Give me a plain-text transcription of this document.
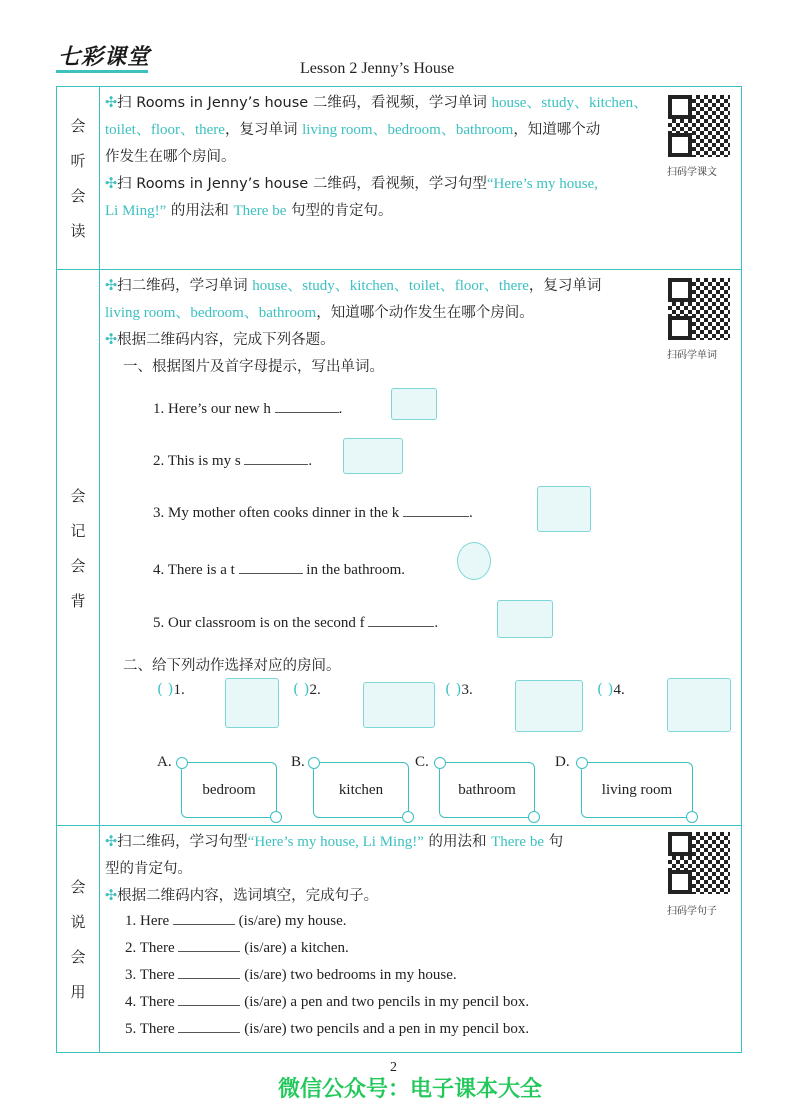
七彩课堂	Lesson 2 Jenny’s House
会
听
会
读
✣扫 Rooms in Jenny’s house 二维码，看视频，学习单词 house、study、kitchen、
toilet、floor、there，复习单词 living room、bedroom、bathroom，知道哪个动
作发生在哪个房间。
✣扫 Rooms in Jenny’s house 二维码，看视频，学习句型“Here’s my house,
Li Ming!” 的用法和 There be 句型的肯定句。
扫码学课文
会
记
会
背
✣扫二维码，学习单词 house、study、kitchen、toilet、floor、there，复习单词
living room、bedroom、bathroom，知道哪个动作发生在哪个房间。
✣根据二维码内容，完成下列各题。
一、根据图片及首字母提示，写出单词。
扫码学单词
1. Here’s our new h	.
2. This is my s	.
3. My mother often cooks dinner in the k	.
4. There is a t	in the bathroom.
5. Our classroom is on the second f	.
二、给下列动作选择对应的房间。
( )1.	( )2.	( )3.	( )4.
A.
bedroom
B.
kitchen
C.
bathroom
D.
living room
会
说
会
用
✣扫二维码，学习句型“Here’s my house, Li Ming!” 的用法和 There be 句
型的肯定句。
✣根据二维码内容，选词填空，完成句子。
扫码学句子
1. Here	(is/are) my house.
2. There	(is/are) a kitchen.
3. There	(is/are) two bedrooms in my house.
4. There	(is/are) a pen and two pencils in my pencil box.
5. There	(is/are) two pencils and a pen in my pencil box.
2
微信公众号：电子课本大全
